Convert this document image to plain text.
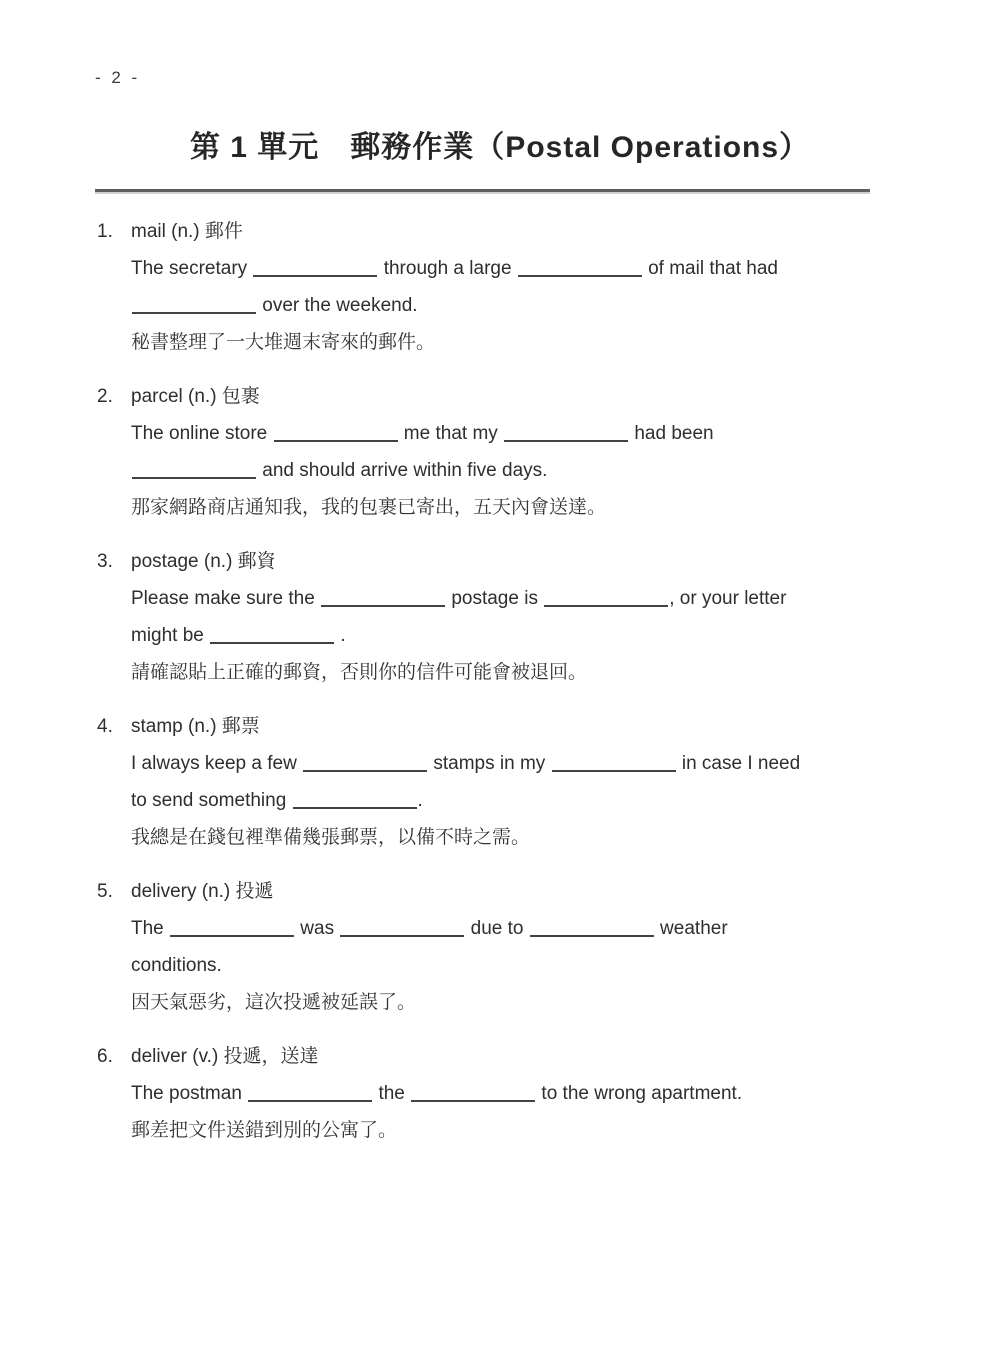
- 2 -
第 1 單元　郵務作業（Postal Operations）
1. mail (n.) 郵件
The secretary	through a large	of mail that had
over the weekend.
秘書整理了一大堆週末寄來的郵件。
2. parcel (n.) 包裹
The online store	me that my	had been
and should arrive within five days.
那家網路商店通知我，我的包裹已寄出，五天內會送達。
3. postage (n.) 郵資
Please make sure the	postage is	, or your letter
might be	.
請確認貼上正確的郵資，否則你的信件可能會被退回。
4. stamp (n.) 郵票
I always keep a few	stamps in my	in case I need
to send something	.
我總是在錢包裡準備幾張郵票，以備不時之需。
5. delivery (n.) 投遞
The	was	due to	weather
conditions.
因天氣惡劣，這次投遞被延誤了。
6. deliver (v.) 投遞，送達
The postman	the	to the wrong apartment.
郵差把文件送錯到別的公寓了。
